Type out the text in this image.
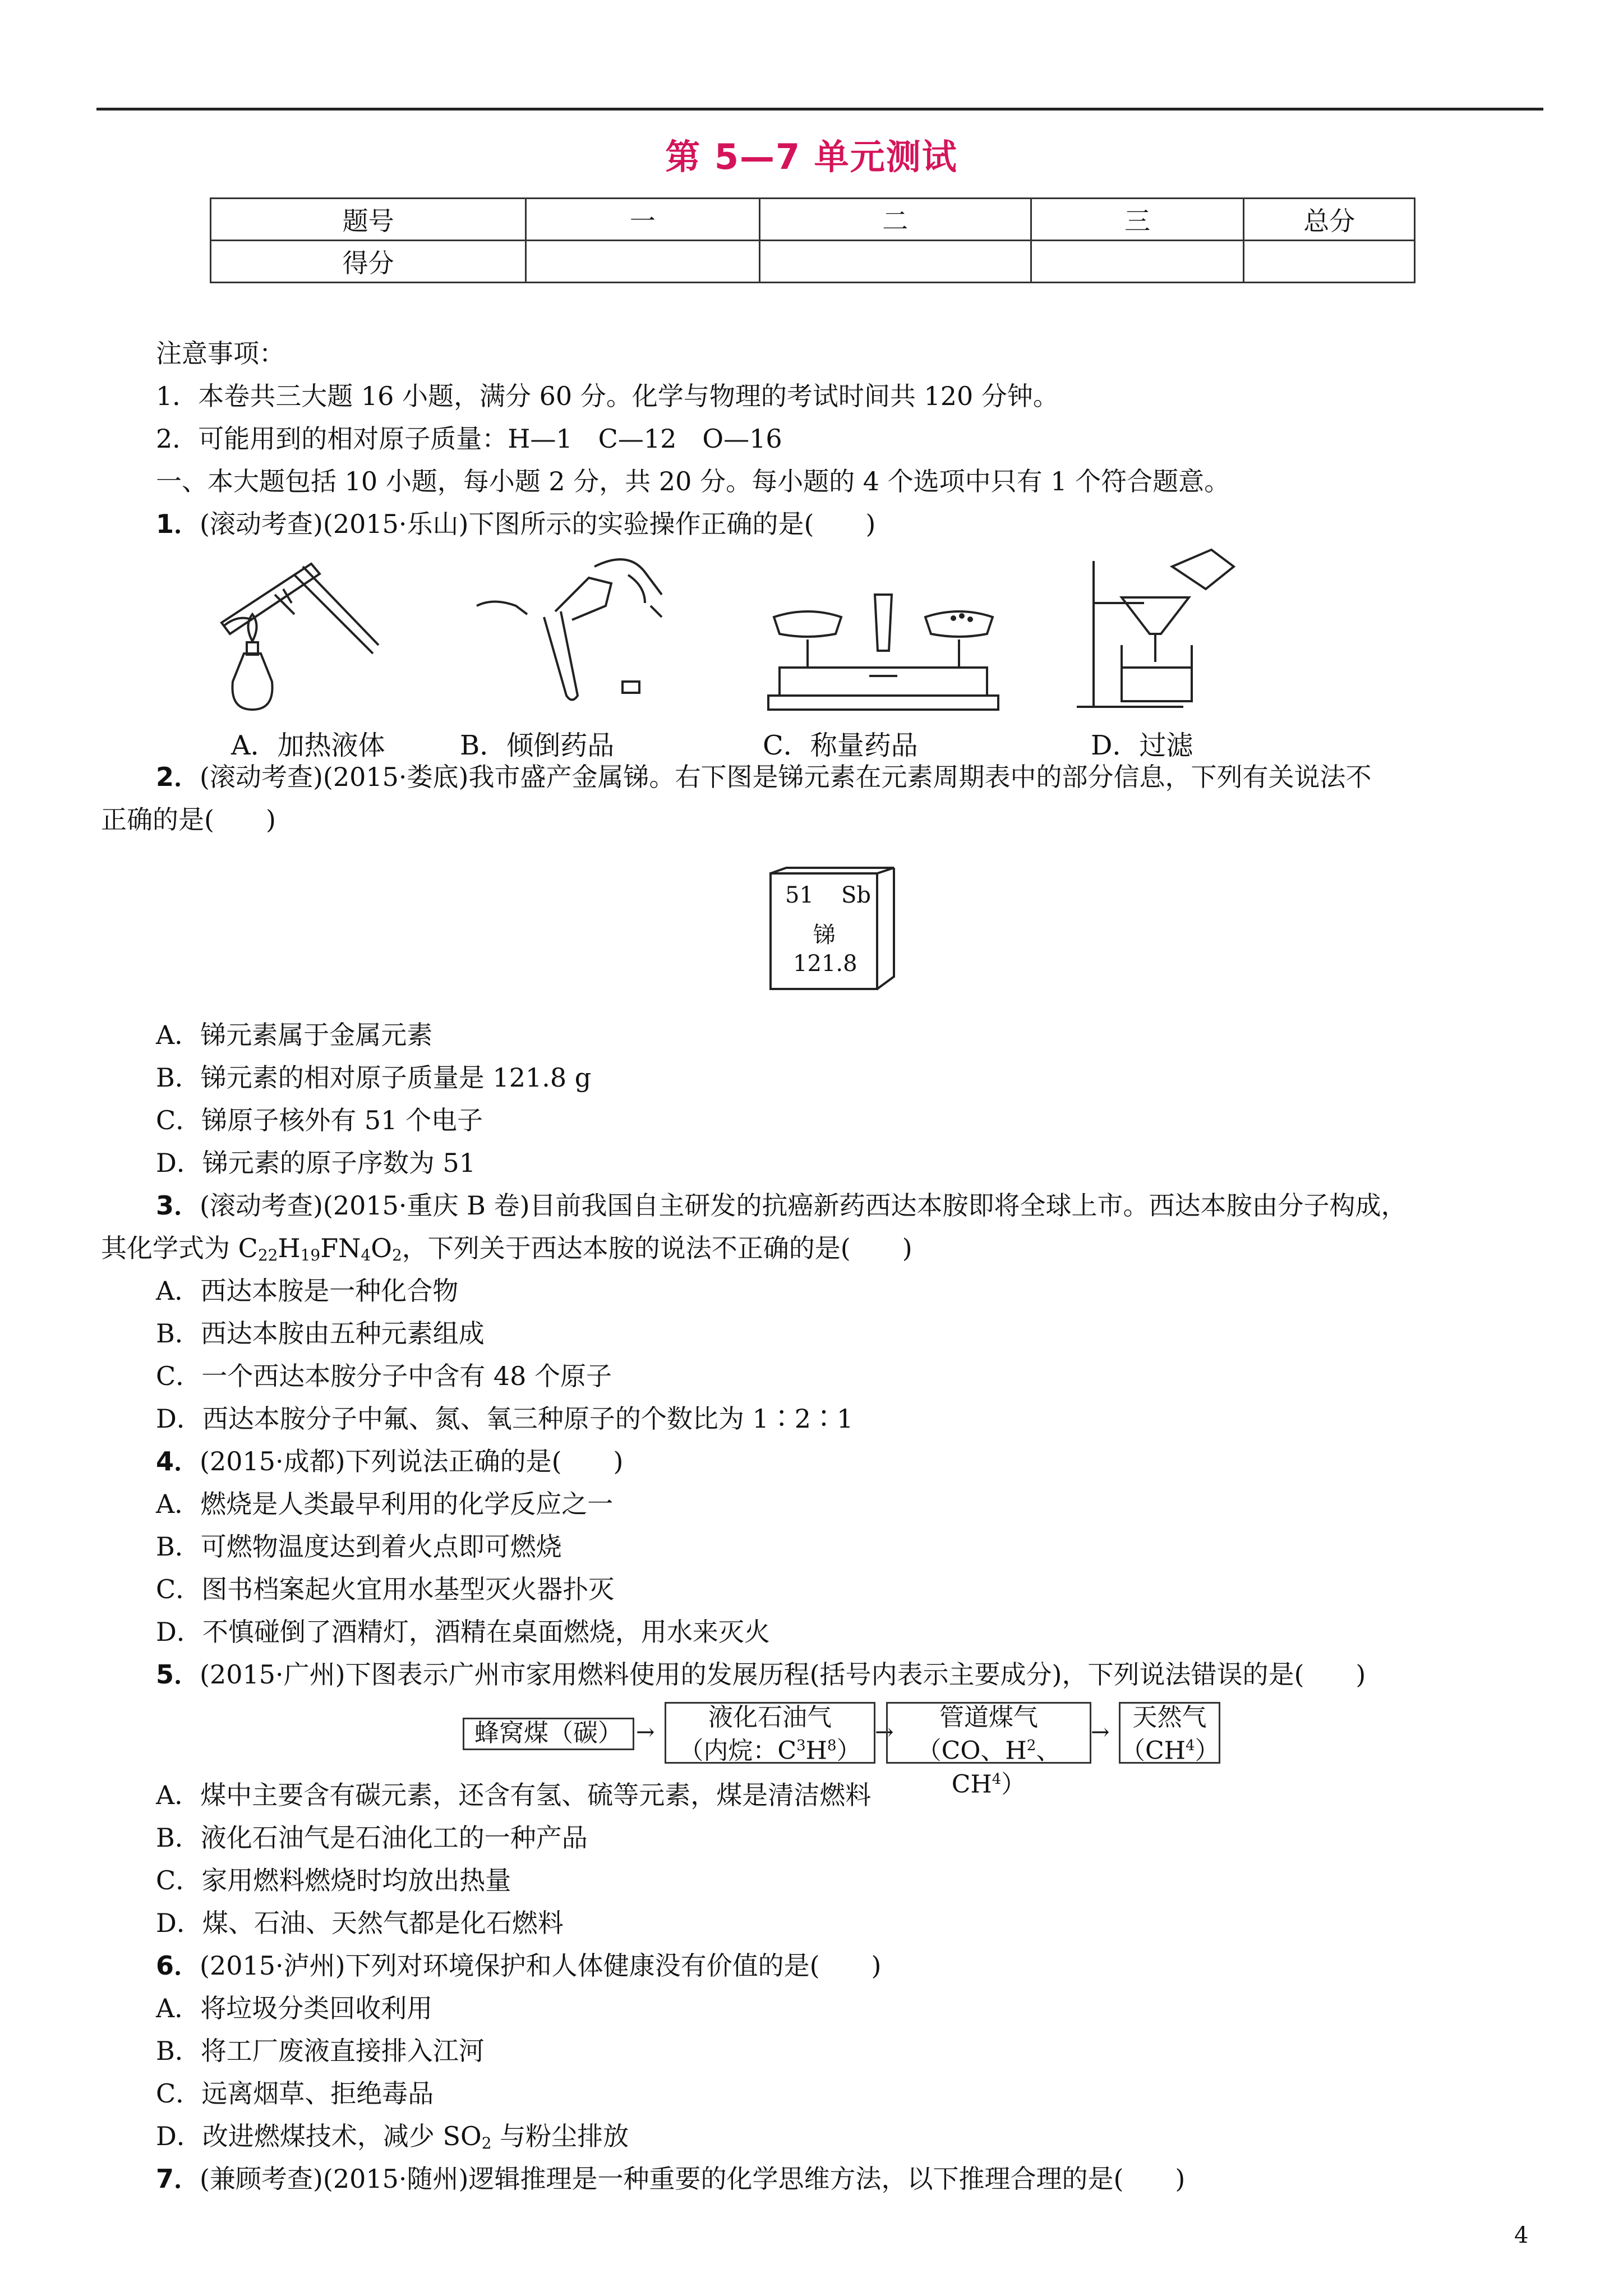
第 5—7 单元测试
题号	一	二	三	总分
得分				
注意事项：
1．本卷共三大题 16 小题，满分 60 分。化学与物理的考试时间共 120 分钟。
2．可能用到的相对原子质量：H—1　C—12　O—16
一、本大题包括 10 小题，每小题 2 分，共 20 分。每小题的 4 个选项中只有 1 个符合题意。
1．(滚动考查)(2015·乐山)下图所示的实验操作正确的是(　　)
A．加热液体	B．倾倒药品	C．称量药品	D．过滤
2．(滚动考查)(2015·娄底)我市盛产金属锑。右下图是锑元素在元素周期表中的部分信息，下列有关说法不
正确的是(　　)
51 Sb
锑
121.8
A．锑元素属于金属元素
B．锑元素的相对原子质量是 121.8 g
C．锑原子核外有 51 个电子
D．锑元素的原子序数为 51
3．(滚动考查)(2015·重庆 B 卷)目前我国自主研发的抗癌新药西达本胺即将全球上市。西达本胺由分子构成，
其化学式为 $C_{22}H_{19}FN_4O_2$，下列关于西达本胺的说法不正确的是(　　)
A．西达本胺是一种化合物
B．西达本胺由五种元素组成
C．一个西达本胺分子中含有 48 个原子
D．西达本胺分子中氟、氮、氧三种原子的个数比为 1∶2∶1
4．(2015·成都)下列说法正确的是(　　)
A．燃烧是人类最早利用的化学反应之一
B．可燃物温度达到着火点即可燃烧
C．图书档案起火宜用水基型灭火器扑灭
D．不慎碰倒了酒精灯，酒精在桌面燃烧，用水来灭火
5．(2015·广州)下图表示广州市家用燃料使用的发展历程(括号内表示主要成分)，下列说法错误的是(　　)
蜂窝煤（碳） →
液化石油气
（内烷：$C^3H^8$）
→
管道煤气
（CO、$H^2$、$CH^4$）
→
天然气
$(CH^4)$
A．煤中主要含有碳元素，还含有氢、硫等元素，煤是清洁燃料
B．液化石油气是石油化工的一种产品
C．家用燃料燃烧时均放出热量
D．煤、石油、天然气都是化石燃料
6．(2015·泸州)下列对环境保护和人体健康没有价值的是(　　)
A．将垃圾分类回收利用
B．将工厂废液直接排入江河
C．远离烟草、拒绝毒品
D．改进燃煤技术，减少 $SO_2$ 与粉尘排放
7．(兼顾考查)(2015·随州)逻辑推理是一种重要的化学思维方法，以下推理合理的是(　　)
4
